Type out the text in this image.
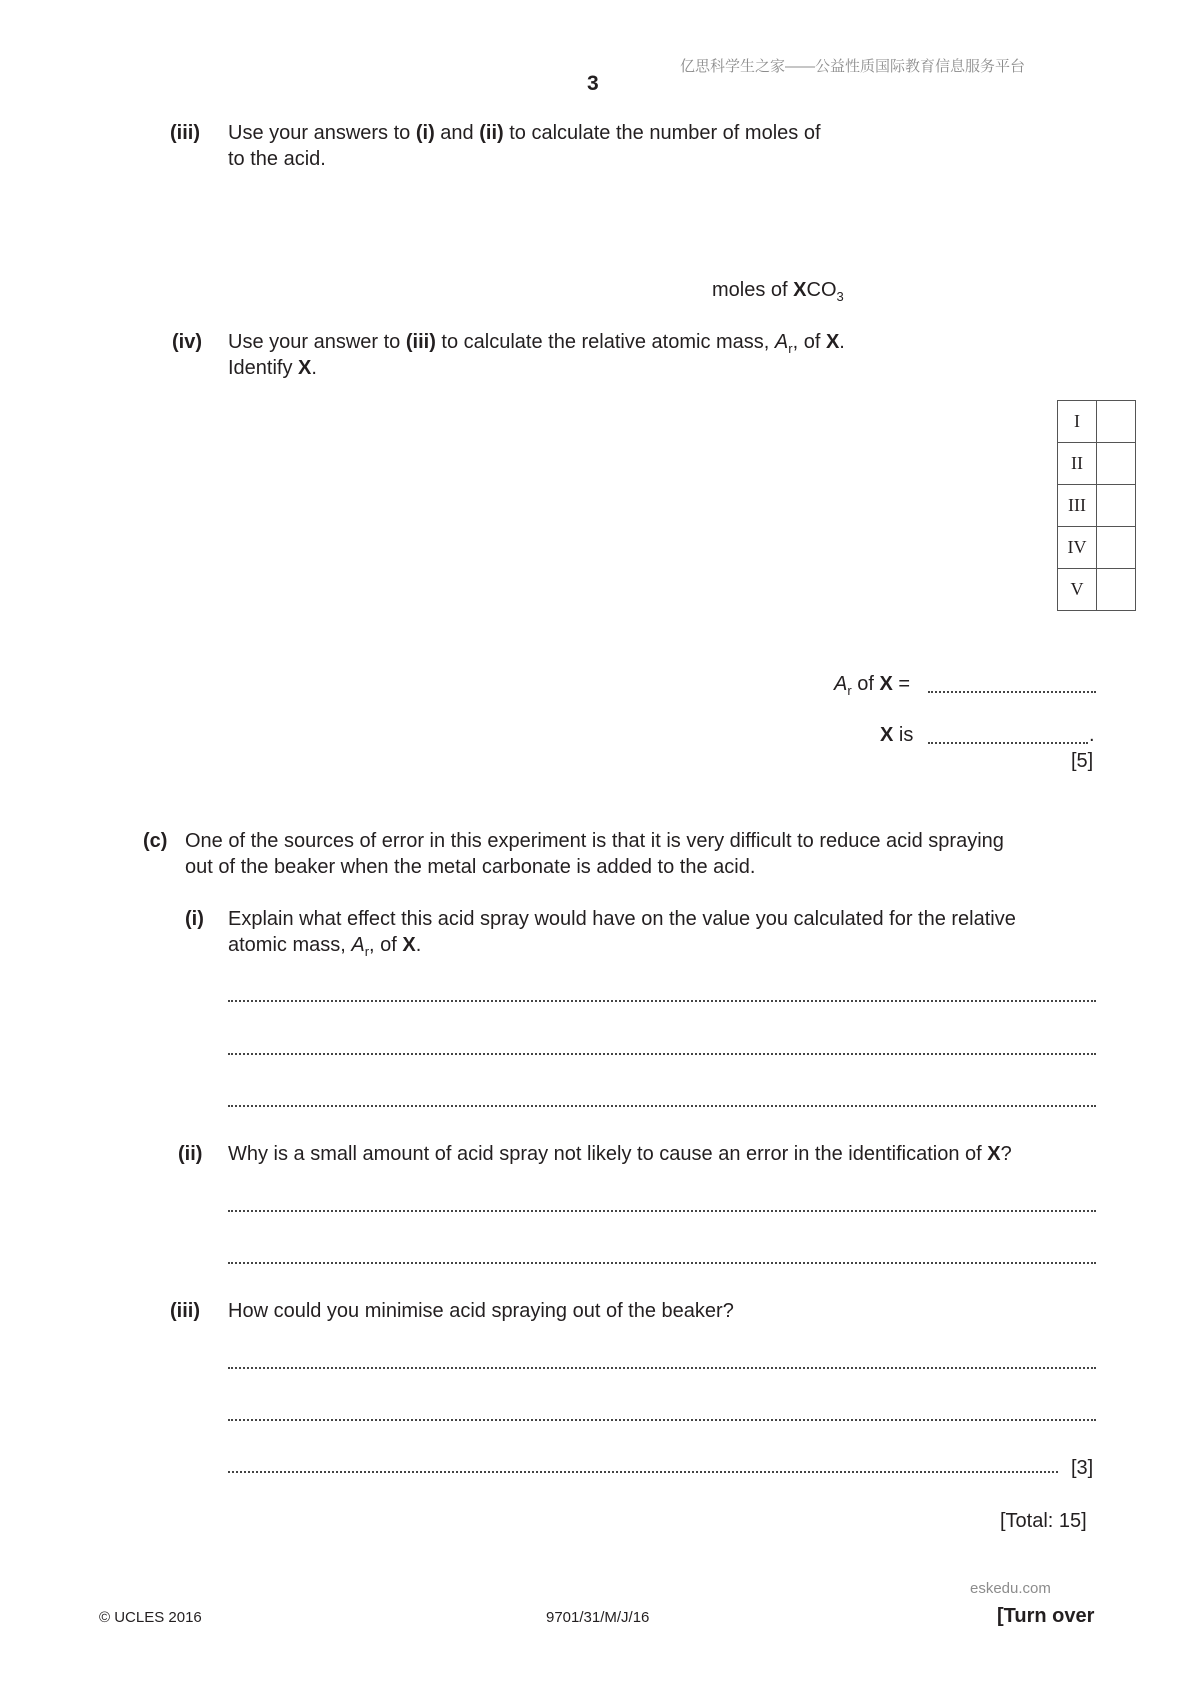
亿思科学生之家——公益性质国际教育信息服务平台
3
(iii) Use your answers to (i) and (ii) to calculate the number of moles of
to the acid.
moles of $XCO_3$
(iv) Use your answer to (iii) to calculate the relative atomic mass, $A_r$, of X.
Identify X.
I	
II	
III	
IV	
V	
$A_r$ of X =
X is	.
[5]
(c) One of the sources of error in this experiment is that it is very difficult to reduce acid spraying
out of the beaker when the metal carbonate is added to the acid.
(i) Explain what effect this acid spray would have on the value you calculated for the relative
atomic mass, $A_r$, of X.
(ii) Why is a small amount of acid spray not likely to cause an error in the identification of X?
(iii) How could you minimise acid spraying out of the beaker?
[3]
[Total: 15]
eskedu.com
© UCLES 2016	9701/31/M/J/16	[Turn over
